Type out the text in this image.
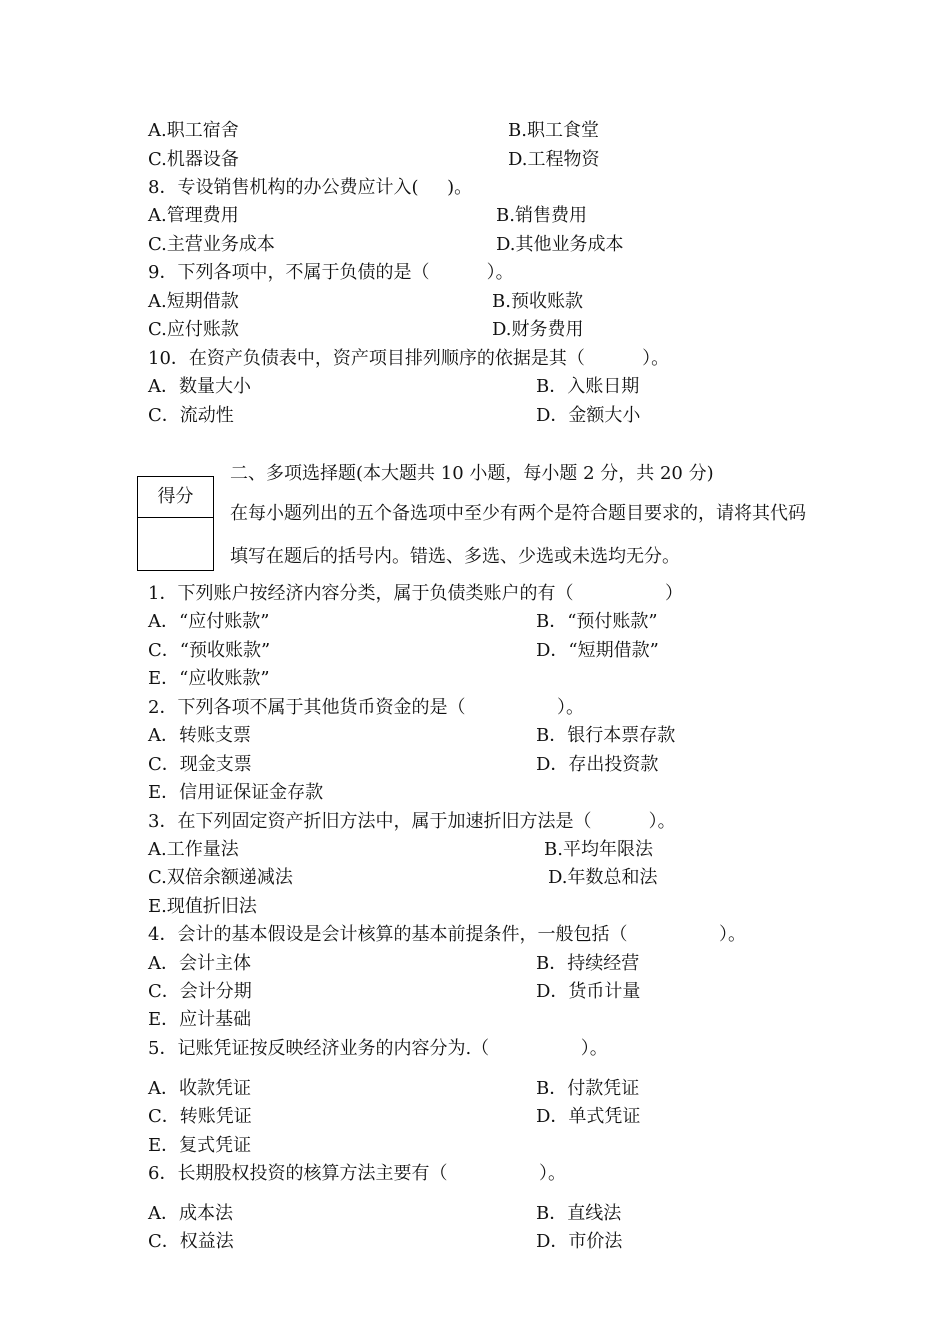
A.职工宿舍	B.职工食堂
C.机器设备	D.工程物资
8．专设销售机构的办公费应计入(     )。
A.管理费用	B.销售费用
C.主营业务成本	D.其他业务成本
9．下列各项中，不属于负债的是（          ）。
A.短期借款	B.预收账款
C.应付账款	D.财务费用
10．在资产负债表中，资产项目排列顺序的依据是其（          ）。
A．数量大小	B．入账日期
C．流动性	D．金额大小
得分
二、多项选择题(本大题共 10 小题，每小题 2 分，共 20 分)
在每小题列出的五个备选项中至少有两个是符合题目要求的，请将其代码
填写在题后的括号内。错选、多选、少选或未选均无分。
1．下列账户按经济内容分类，属于负债类账户的有（                ）
A．“应付账款”	B．“预付账款”
C．“预收账款”	D．“短期借款”
E．“应收账款”
2．下列各项不属于其他货币资金的是（                ）。
A．转账支票	B．银行本票存款
C．现金支票	D．存出投资款
E．信用证保证金存款
3．在下列固定资产折旧方法中，属于加速折旧方法是（          ）。
A.工作量法	B.平均年限法
C.双倍余额递减法	D.年数总和法
E.现值折旧法
4．会计的基本假设是会计核算的基本前提条件，一般包括（                ）。
A．会计主体	B．持续经营
C．会计分期	D．货币计量
E．应计基础
5．记账凭证按反映经济业务的内容分为.（                ）。
A．收款凭证	B．付款凭证
C．转账凭证	D．单式凭证
E．复式凭证
6．长期股权投资的核算方法主要有（                ）。
A．成本法	B．直线法
C．权益法	D．市价法
